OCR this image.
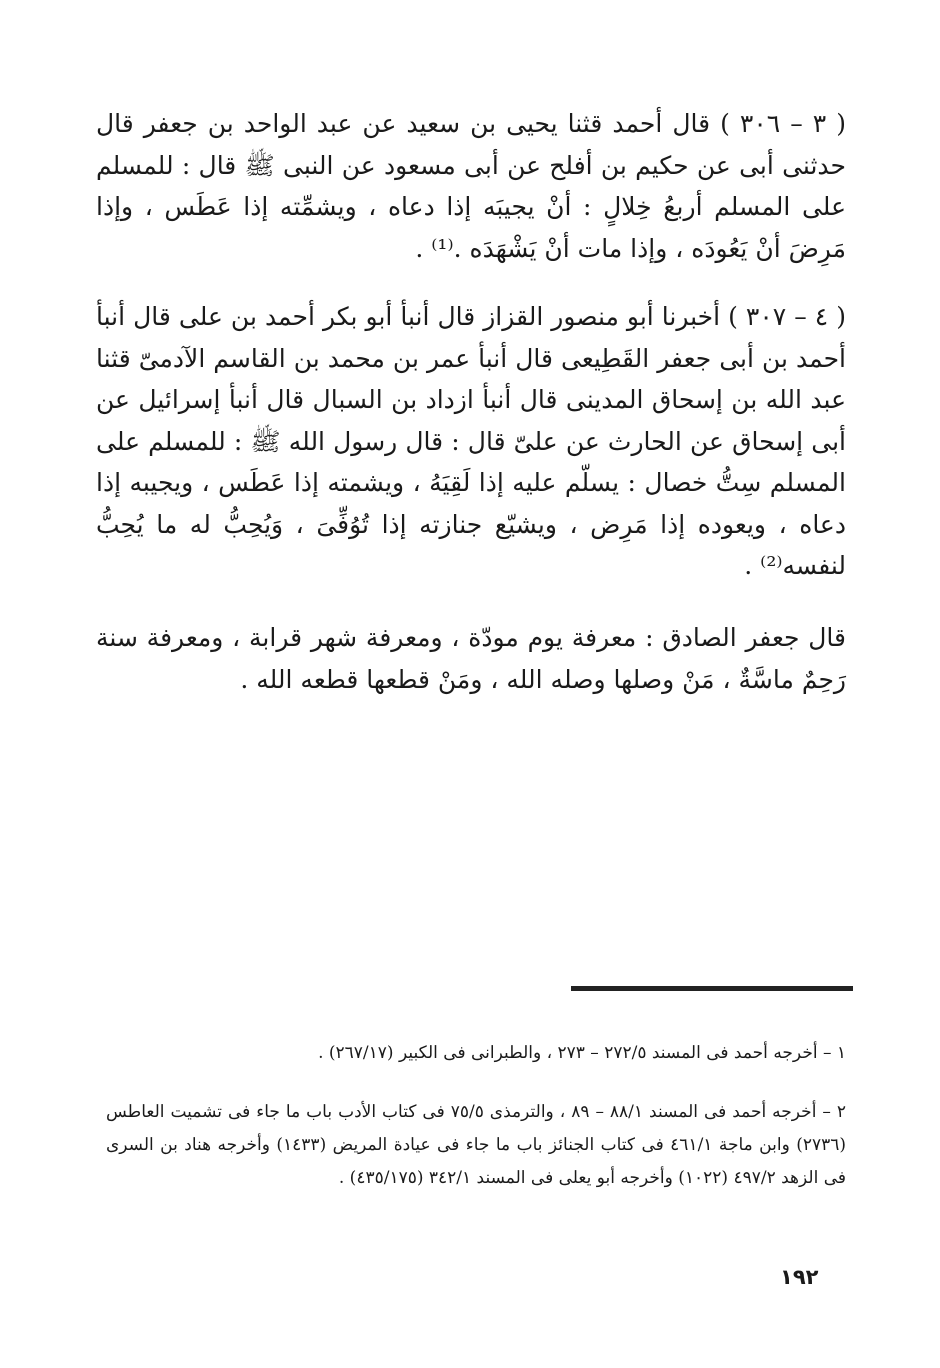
( ٣ – ٣٠٦ ) قال أحمد قثنا يحيى بن سعيد عن عبد الواحد بن جعفر قال حدثنى أبى عن حكيم بن أفلح عن أبى مسعود عن النبى ﷺ قال : للمسلم على المسلم أربعُ خِلالٍ : أنْ يجيبَه إذا دعاه ، ويشمِّته إذا عَطَس ، وإذا مَرِضَ أنْ يَعُودَه ، وإذا مات أنْ يَشْهَدَه .⁽¹⁾ .

( ٤ – ٣٠٧ ) أخبرنا أبو منصور القزاز قال أنبأ أبو بكر أحمد بن على قال أنبأ أحمد بن أبى جعفر القَطِيعى قال أنبأ عمر بن محمد بن القاسم الآدمىّ قثنا عبد الله بن إسحاق المدينى قال أنبأ ازداد بن السبال قال أنبأ إسرائيل عن أبى إسحاق عن الحارث عن علىّ قال : قال رسول الله ﷺ : للمسلم على المسلم سِتُّ خصال : يسلّم عليه إذا لَقِيَهُ ، ويشمته إذا عَطَس ، ويجيبه إذا دعاه ، ويعوده إذا مَرِض ، ويشيّع جنازته إذا تُوُفِّىَ ، وَيُحِبُّ له ما يُحِبُّ لنفسه⁽²⁾ .

قال جعفر الصادق : معرفة يوم مودّة ، ومعرفة شهر قرابة ، ومعرفة سنة رَحِمٌ ماسَّةٌ ، مَنْ وصلها وصله الله ، ومَنْ قطعها قطعه الله .

١ – أخرجه أحمد فى المسند ٢٧٢/٥ – ٢٧٣ ، والطبرانى فى الكبير (٢٦٧/١٧) .

٢ – أخرجه أحمد فى المسند ٨٨/١ – ٨٩ ، والترمذى ٧٥/٥ فى كتاب الأدب باب ما جاء فى تشميت العاطس (٢٧٣٦) وابن ماجة ٤٦١/١ فى كتاب الجنائز باب ما جاء فى عيادة المريض (١٤٣٣) وأخرجه هناد بن السرى فى الزهد ٤٩٧/٢ (١٠٢٢) وأخرجه أبو يعلى فى المسند ٣٤٢/١ (٤٣٥/١٧٥) .

١٩٢
